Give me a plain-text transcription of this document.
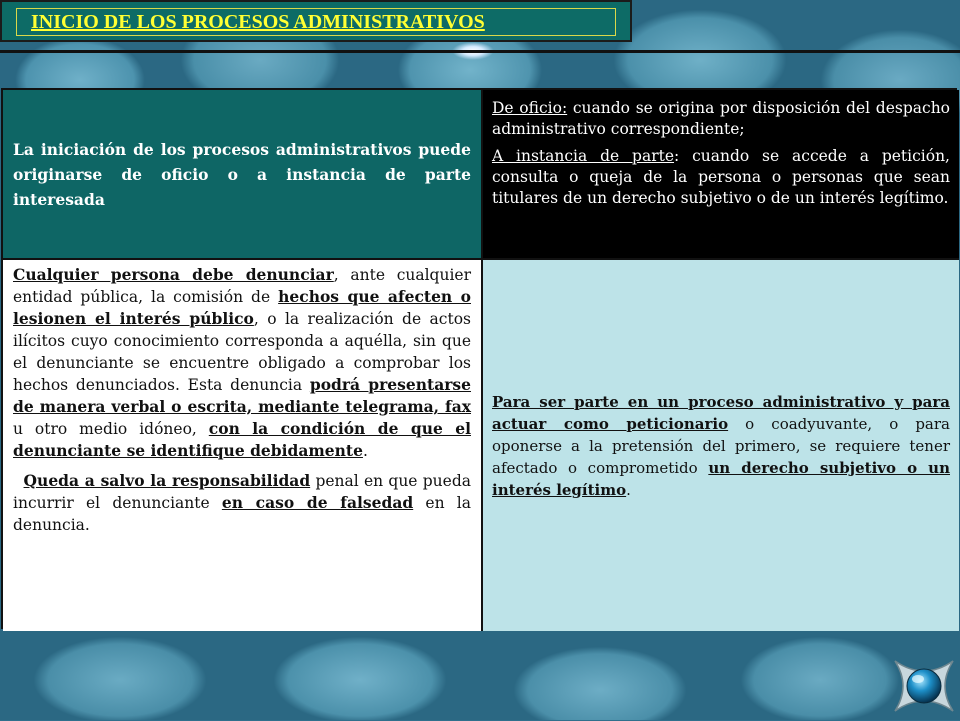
INICIO DE LOS PROCESOS ADMINISTRATIVOS

La iniciación de los procesos administrativos puede originarse de oficio o a instancia de parte interesada

De oficio: cuando se origina por disposición del despacho administrativo correspondiente;

A instancia de parte: cuando se accede a petición, consulta o queja de la persona o personas que sean titulares de un derecho subjetivo o de un interés legítimo.

Cualquier persona debe denunciar, ante cualquier entidad pública, la comisión de hechos que afecten o lesionen el interés público, o la realización de actos ilícitos cuyo conocimiento corresponda a aquélla, sin que el denunciante se encuentre obligado a comprobar los hechos denunciados. Esta denuncia podrá presentarse de manera verbal o escrita, mediante telegrama, fax u otro medio idóneo, con la condición de que el denunciante se identifique debidamente.

Queda a salvo la responsabilidad penal en que pueda incurrir el denunciante en caso de falsedad en la denuncia.

Para ser parte en un proceso administrativo y para actuar como peticionario o coadyuvante, o para oponerse a la pretensión del primero, se requiere tener afectado o comprometido un derecho subjetivo o un interés legítimo.
